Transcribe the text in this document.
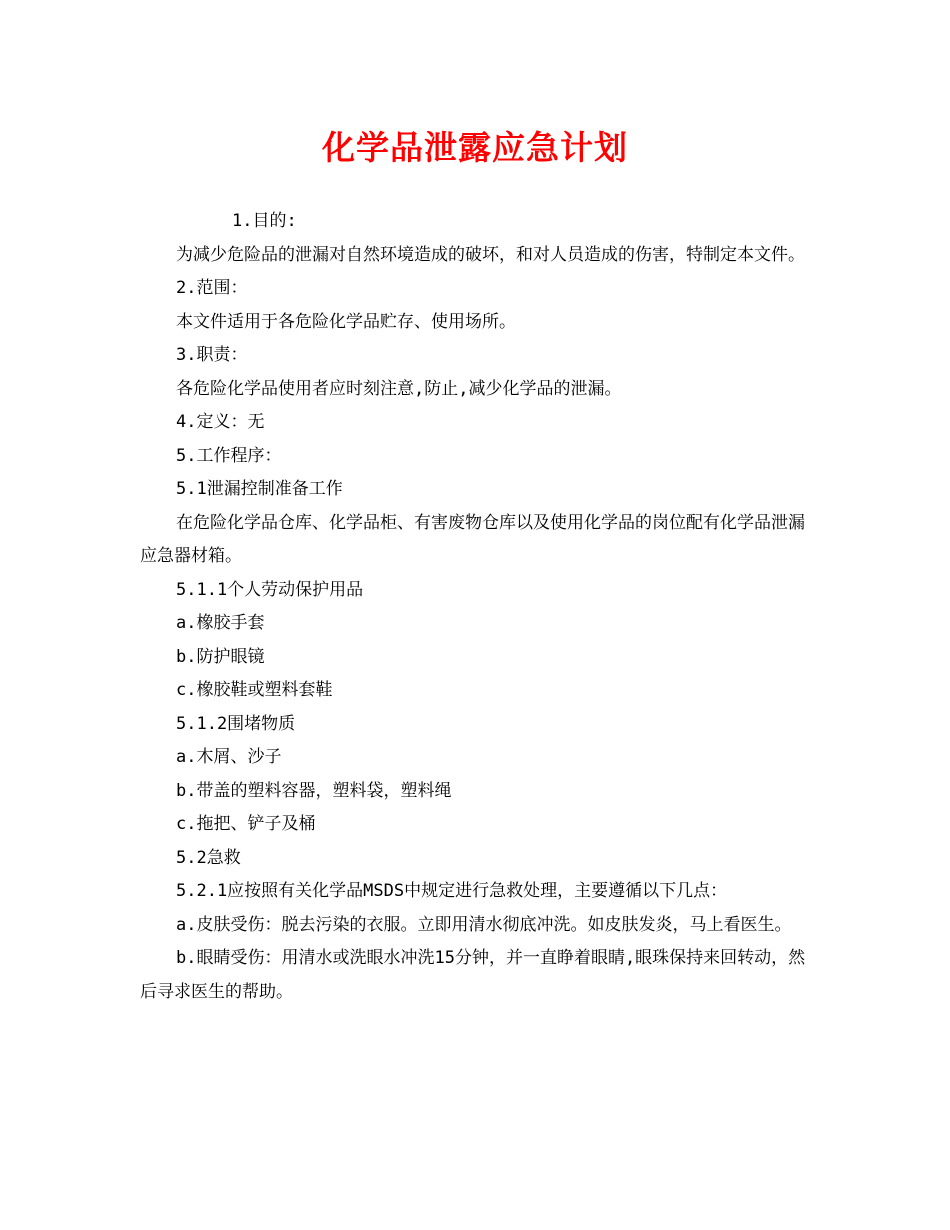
化学品泄露应急计划

1.目的:

为减少危险品的泄漏对自然环境造成的破坏，和对人员造成的伤害，特制定本文件。

2.范围：

本文件适用于各危险化学品贮存、使用场所。

3.职责：

各危险化学品使用者应时刻注意,防止,减少化学品的泄漏。

4.定义：无

5.工作程序：

5.1泄漏控制准备工作

在危险化学品仓库、化学品柜、有害废物仓库以及使用化学品的岗位配有化学品泄漏应急器材箱。

5.1.1个人劳动保护用品

a.橡胶手套

b.防护眼镜

c.橡胶鞋或塑料套鞋

5.1.2围堵物质

a.木屑、沙子

b.带盖的塑料容器，塑料袋，塑料绳

c.拖把、铲子及桶

5.2急救

5.2.1应按照有关化学品MSDS中规定进行急救处理，主要遵循以下几点：

a.皮肤受伤：脱去污染的衣服。立即用清水彻底冲洗。如皮肤发炎，马上看医生。

b.眼睛受伤：用清水或洗眼水冲洗15分钟，并一直睁着眼睛,眼珠保持来回转动，然后寻求医生的帮助。
